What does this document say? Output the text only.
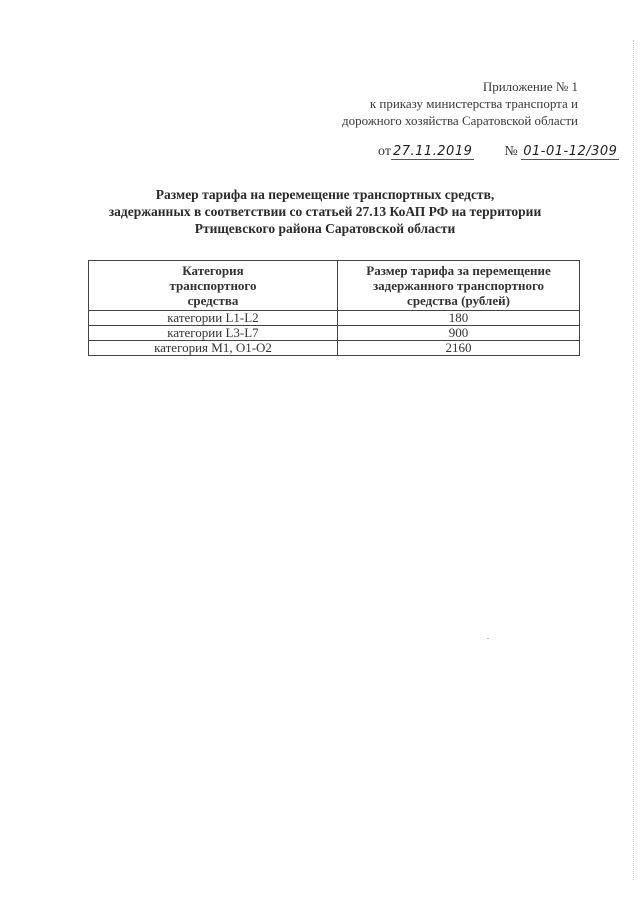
Приложение № 1
к приказу министерства транспорта и
дорожного хозяйства Саратовской области
от 27.11.2019 № 01-01-12/309
Размер тарифа на перемещение транспортных средств,
задержанных в соответствии со статьей 27.13 КоАП РФ на территории
Ртищевского района Саратовской области
Категория
транспортного
средства	Размер тарифа за перемещение
задержанного транспортного
средства (рублей)

категории L1-L2	180
категории L3-L7	900
категория M1, O1-O2	2160
